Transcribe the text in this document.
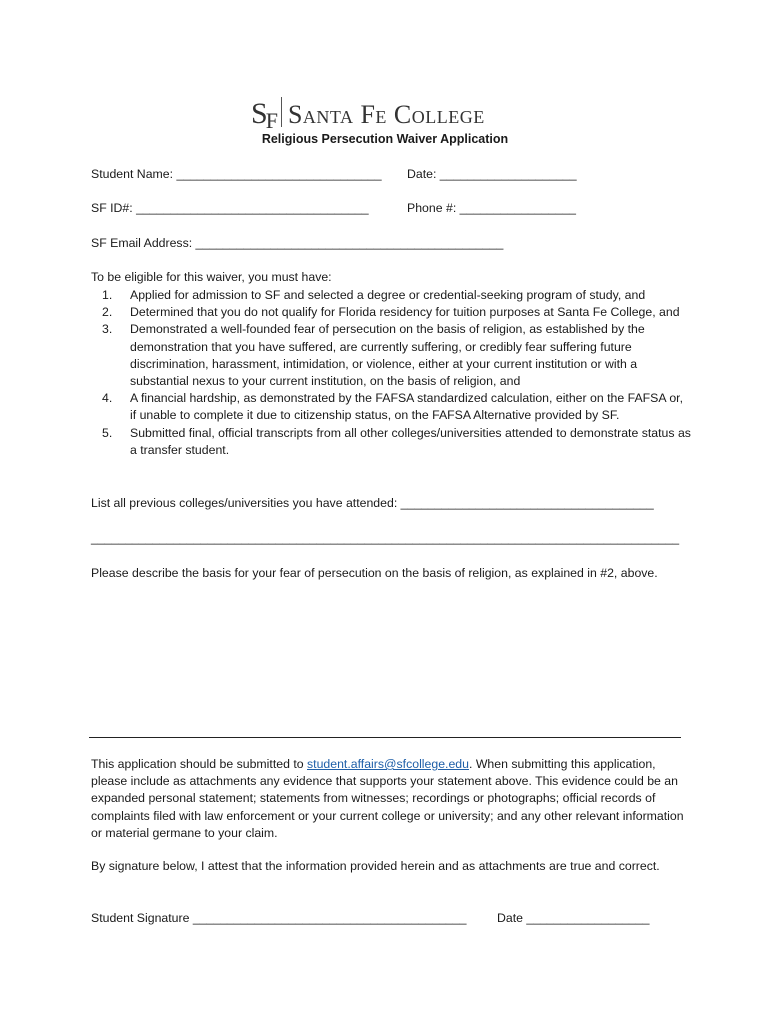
SF Santa Fe College
Religious Persecution Waiver Application
Student Name: ______________________________ Date: ____________________
SF ID#: __________________________________	Phone #: _________________
SF Email Address: _____________________________________________
To be eligible for this waiver, you must have:
1.	Applied for admission to SF and selected a degree or credential-seeking program of study, and
2.	Determined that you do not qualify for Florida residency for tuition purposes at Santa Fe College, and
3.	Demonstrated a well-founded fear of persecution on the basis of religion, as established by the demonstration that you have suffered, are currently suffering, or credibly fear suffering future discrimination, harassment, intimidation, or violence, either at your current institution or with a substantial nexus to your current institution, on the basis of religion, and
4.	A financial hardship, as demonstrated by the FAFSA standardized calculation, either on the FAFSA or, if unable to complete it due to citizenship status, on the FAFSA Alternative provided by SF.
5.	Submitted final, official transcripts from all other colleges/universities attended to demonstrate status as a transfer student.
List all previous colleges/universities you have attended: _____________________________________
______________________________________________________________________________________
Please describe the basis for your fear of persecution on the basis of religion, as explained in #2, above.
This application should be submitted to student.affairs@sfcollege.edu. When submitting this application, please include as attachments any evidence that supports your statement above. This evidence could be an expanded personal statement; statements from witnesses; recordings or photographs; official records of complaints filed with law enforcement or your current college or university; and any other relevant information or material germane to your claim.
By signature below, I attest that the information provided herein and as attachments are true and correct.
Student Signature ________________________________________ Date __________________
